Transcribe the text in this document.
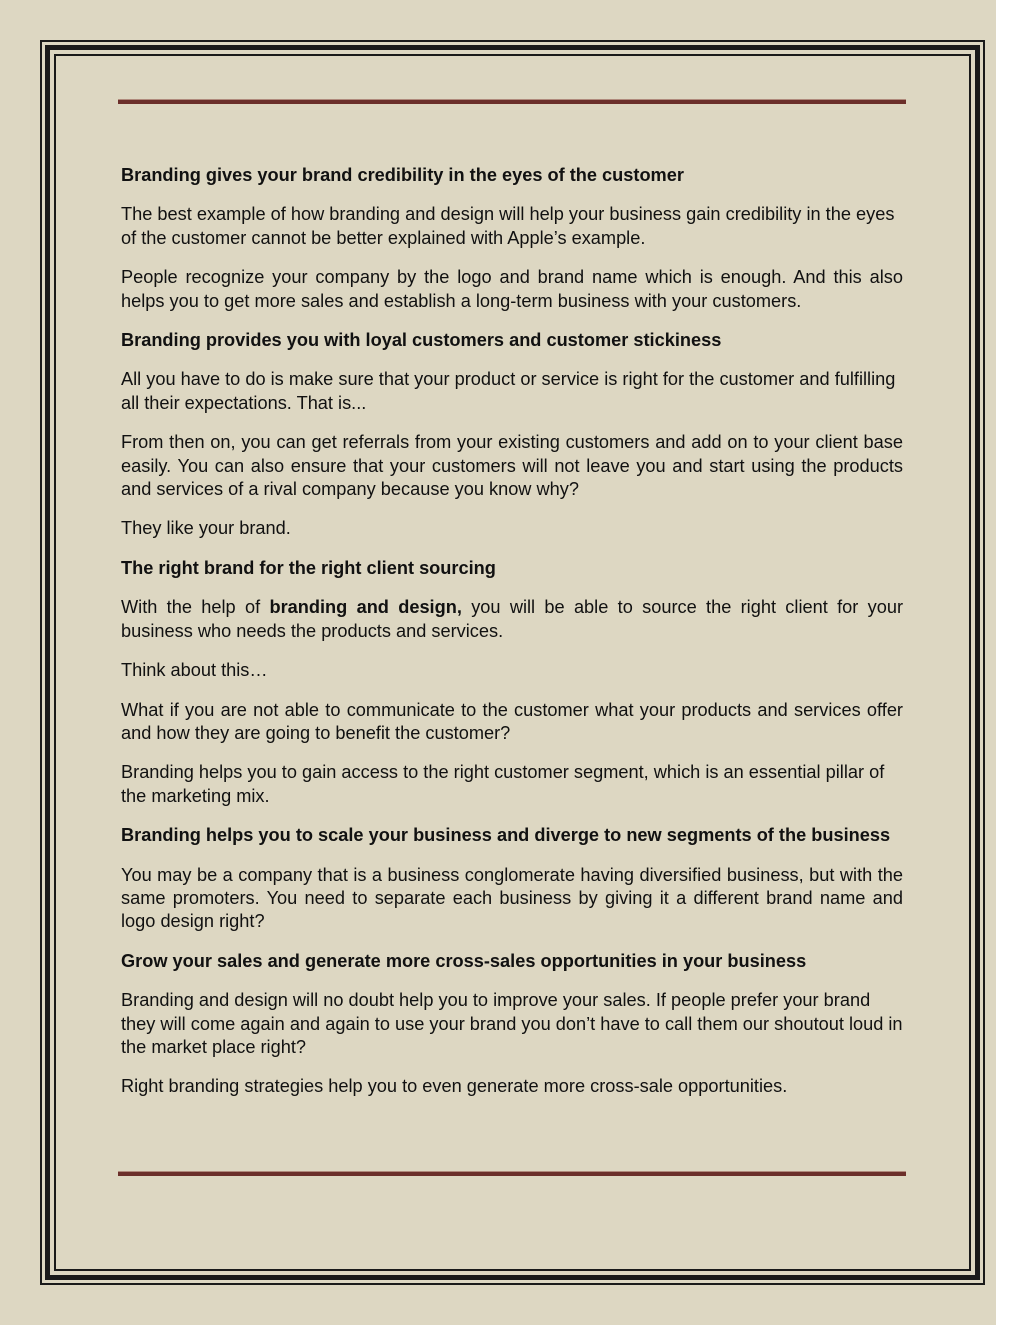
Branding gives your brand credibility in the eyes of the customer

The best example of how branding and design will help your business gain credibility in the eyes of the customer cannot be better explained with Apple’s example.

People recognize your company by the logo and brand name which is enough. And this also helps you to get more sales and establish a long-term business with your customers.

Branding provides you with loyal customers and customer stickiness

All you have to do is make sure that your product or service is right for the customer and fulfilling all their expectations. That is...

From then on, you can get referrals from your existing customers and add on to your client base easily. You can also ensure that your customers will not leave you and start using the products and services of a rival company because you know why?

They like your brand.

The right brand for the right client sourcing

With the help of branding and design, you will be able to source the right client for your business who needs the products and services.

Think about this…

What if you are not able to communicate to the customer what your products and services offer and how they are going to benefit the customer?

Branding helps you to gain access to the right customer segment, which is an essential pillar of the marketing mix.

Branding helps you to scale your business and diverge to new segments of the business

You may be a company that is a business conglomerate having diversified business, but with the same promoters. You need to separate each business by giving it a different brand name and logo design right?

Grow your sales and generate more cross-sales opportunities in your business

Branding and design will no doubt help you to improve your sales. If people prefer your brand they will come again and again to use your brand you don’t have to call them our shoutout loud in the market place right?

Right branding strategies help you to even generate more cross-sale opportunities.
